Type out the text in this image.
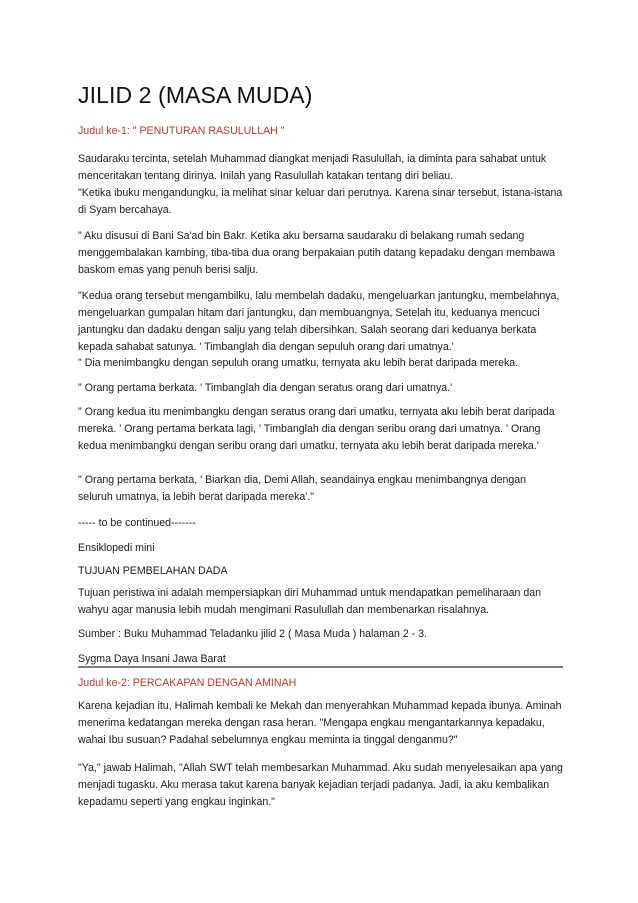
JILID 2 (MASA MUDA)
Judul ke-1: " PENUTURAN RASULULLAH "
Saudaraku tercinta, setelah Muhammad diangkat menjadi Rasulullah, ia diminta para sahabat untuk menceritakan tentang dirinya. Inilah yang Rasulullah katakan tentang diri beliau.
"Ketika ibuku mengandungku, ia melihat sinar keluar dari perutnya. Karena sinar tersebut, istana-istana di Syam bercahaya.
" Aku disusui di Bani Sa'ad bin Bakr. Ketika aku bersama saudaraku di belakang rumah sedang menggembalakan kambing, tiba-tiba dua orang berpakaian putih datang kepadaku dengan membawa baskom emas yang penuh berisi salju.
"Kedua orang tersebut mengambilku, lalu membelah dadaku, mengeluarkan jantungku, membelahnya, mengeluarkan gumpalan hitam dari jantungku, dan membuangnya, Setelah itu, keduanya mencuci jantungku dan dadaku dengan salju yang telah dibersihkan. Salah seorang dari keduanya berkata kepada sahabat satunya. ' Timbanglah dia dengan sepuluh orang dari umatnya.'
" Dia menimbangku dengan sepuluh orang umatku, ternyata aku lebih berat daripada mereka.
" Orang pertama berkata. ' Timbanglah dia dengan seratus orang dari umatnya.'
" Orang kedua itu menimbangku dengan seratus orang dari umatku, ternyata aku lebih berat daripada mereka. ' Orang pertama berkata lagi, ' Timbanglah dia dengan seribu orang dari umatnya. ' Orang kedua menimbangku dengan seribu orang dari umatku, ternyata aku lebih berat daripada mereka.'
" Orang pertama berkata, ' Biarkan dia, Demi Allah, seandainya engkau menimbangnya dengan seluruh umatnya, ia lebih berat daripada mereka'."
----- to be continued-------
Ensiklopedi mini
TUJUAN PEMBELAHAN DADA
Tujuan peristiwa ini adalah mempersiapkan diri Muhammad untuk mendapatkan pemeliharaan dan wahyu agar manusia lebih mudah mengimani Rasulullah dan membenarkan risalahnya.
Sumber : Buku Muhammad Teladanku jilid 2 ( Masa Muda ) halaman 2 - 3.
Sygma Daya Insani Jawa Barat
Judul ke-2: PERCAKAPAN DENGAN AMINAH
Karena kejadian itu, Halimah kembali ke Mekah dan menyerahkan Muhammad kepada ibunya. Aminah menerima kedatangan mereka dengan rasa heran. "Mengapa engkau mengantarkannya kepadaku, wahai Ibu susuan? Padahal sebelumnya engkau meminta ia tinggal denganmu?"
"Ya," jawab Halimah, "Allah SWT telah membesarkan Muhammad. Aku sudah menyelesaikan apa yang menjadi tugasku. Aku merasa takut karena banyak kejadian terjadi padanya. Jadi, ia aku kembalikan kepadamu seperti yang engkau inginkan."
